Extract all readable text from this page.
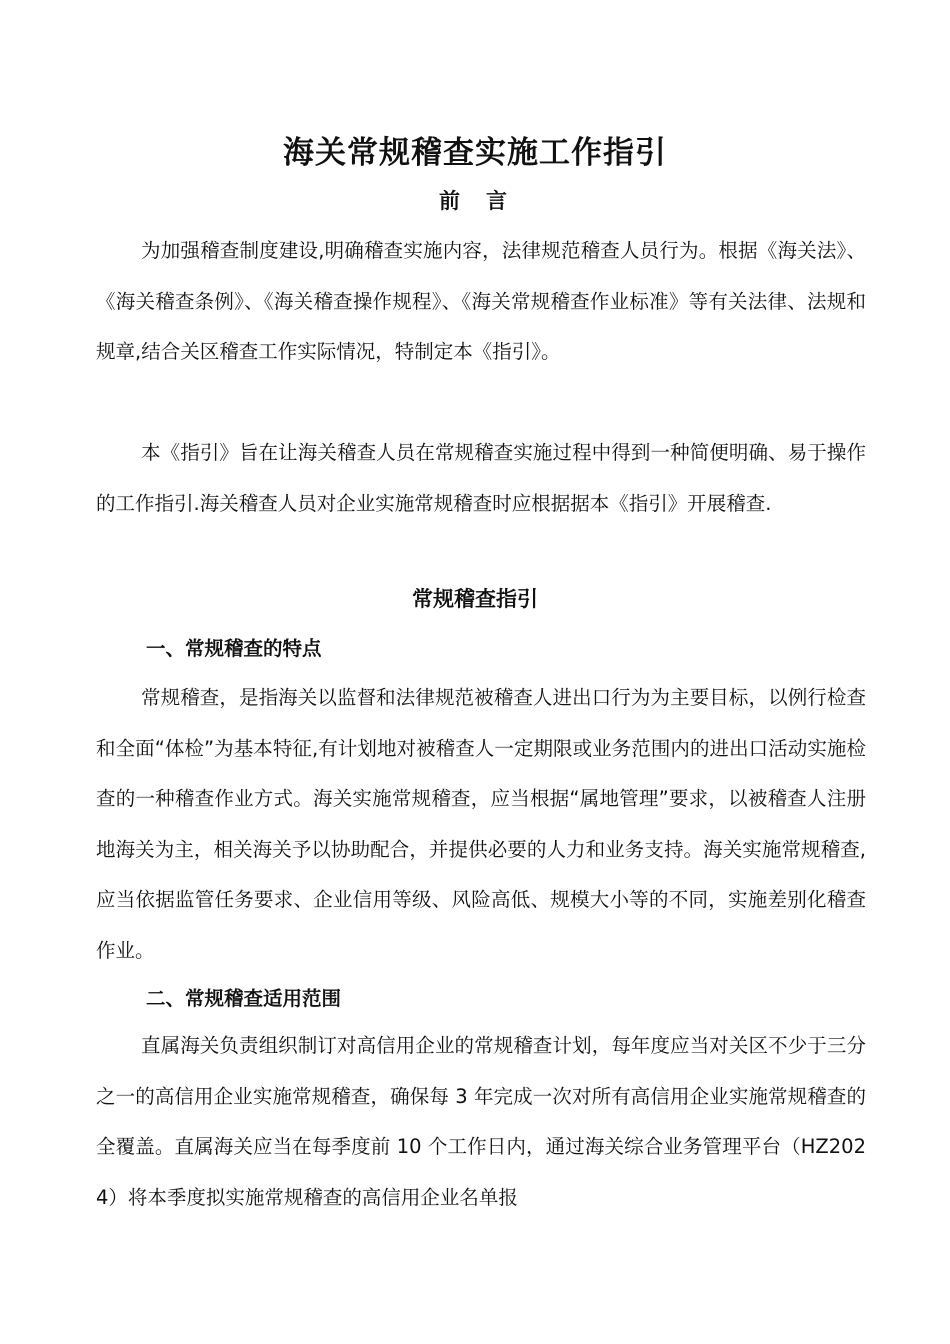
海关常规稽查实施工作指引
前言

为加强稽查制度建设,明确稽查实施内容，法律规范稽查人员行为。根据《海关法》、《海关稽查条例》、《海关稽查操作规程》、《海关常规稽查作业标准》等有关法律、法规和规章,结合关区稽查工作实际情况，特制定本《指引》。

本《指引》旨在让海关稽查人员在常规稽查实施过程中得到一种简便明确、易于操作的工作指引.海关稽查人员对企业实施常规稽查时应根据据本《指引》开展稽查.

常规稽查指引
一、常规稽查的特点

常规稽查，是指海关以监督和法律规范被稽查人进出口行为为主要目标，以例行检查和全面“体检”为基本特征,有计划地对被稽查人一定期限或业务范围内的进出口活动实施检查的一种稽查作业方式。海关实施常规稽查，应当根据“属地管理”要求，以被稽查人注册地海关为主，相关海关予以协助配合，并提供必要的人力和业务支持。海关实施常规稽查,应当依据监管任务要求、企业信用等级、风险高低、规模大小等的不同，实施差别化稽查作业。

二、常规稽查适用范围

直属海关负责组织制订对高信用企业的常规稽查计划，每年度应当对关区不少于三分之一的高信用企业实施常规稽查，确保每 3 年完成一次对所有高信用企业实施常规稽查的全覆盖。直属海关应当在每季度前 10 个工作日内，通过海关综合业务管理平台（HZ2024）将本季度拟实施常规稽查的高信用企业名单报
